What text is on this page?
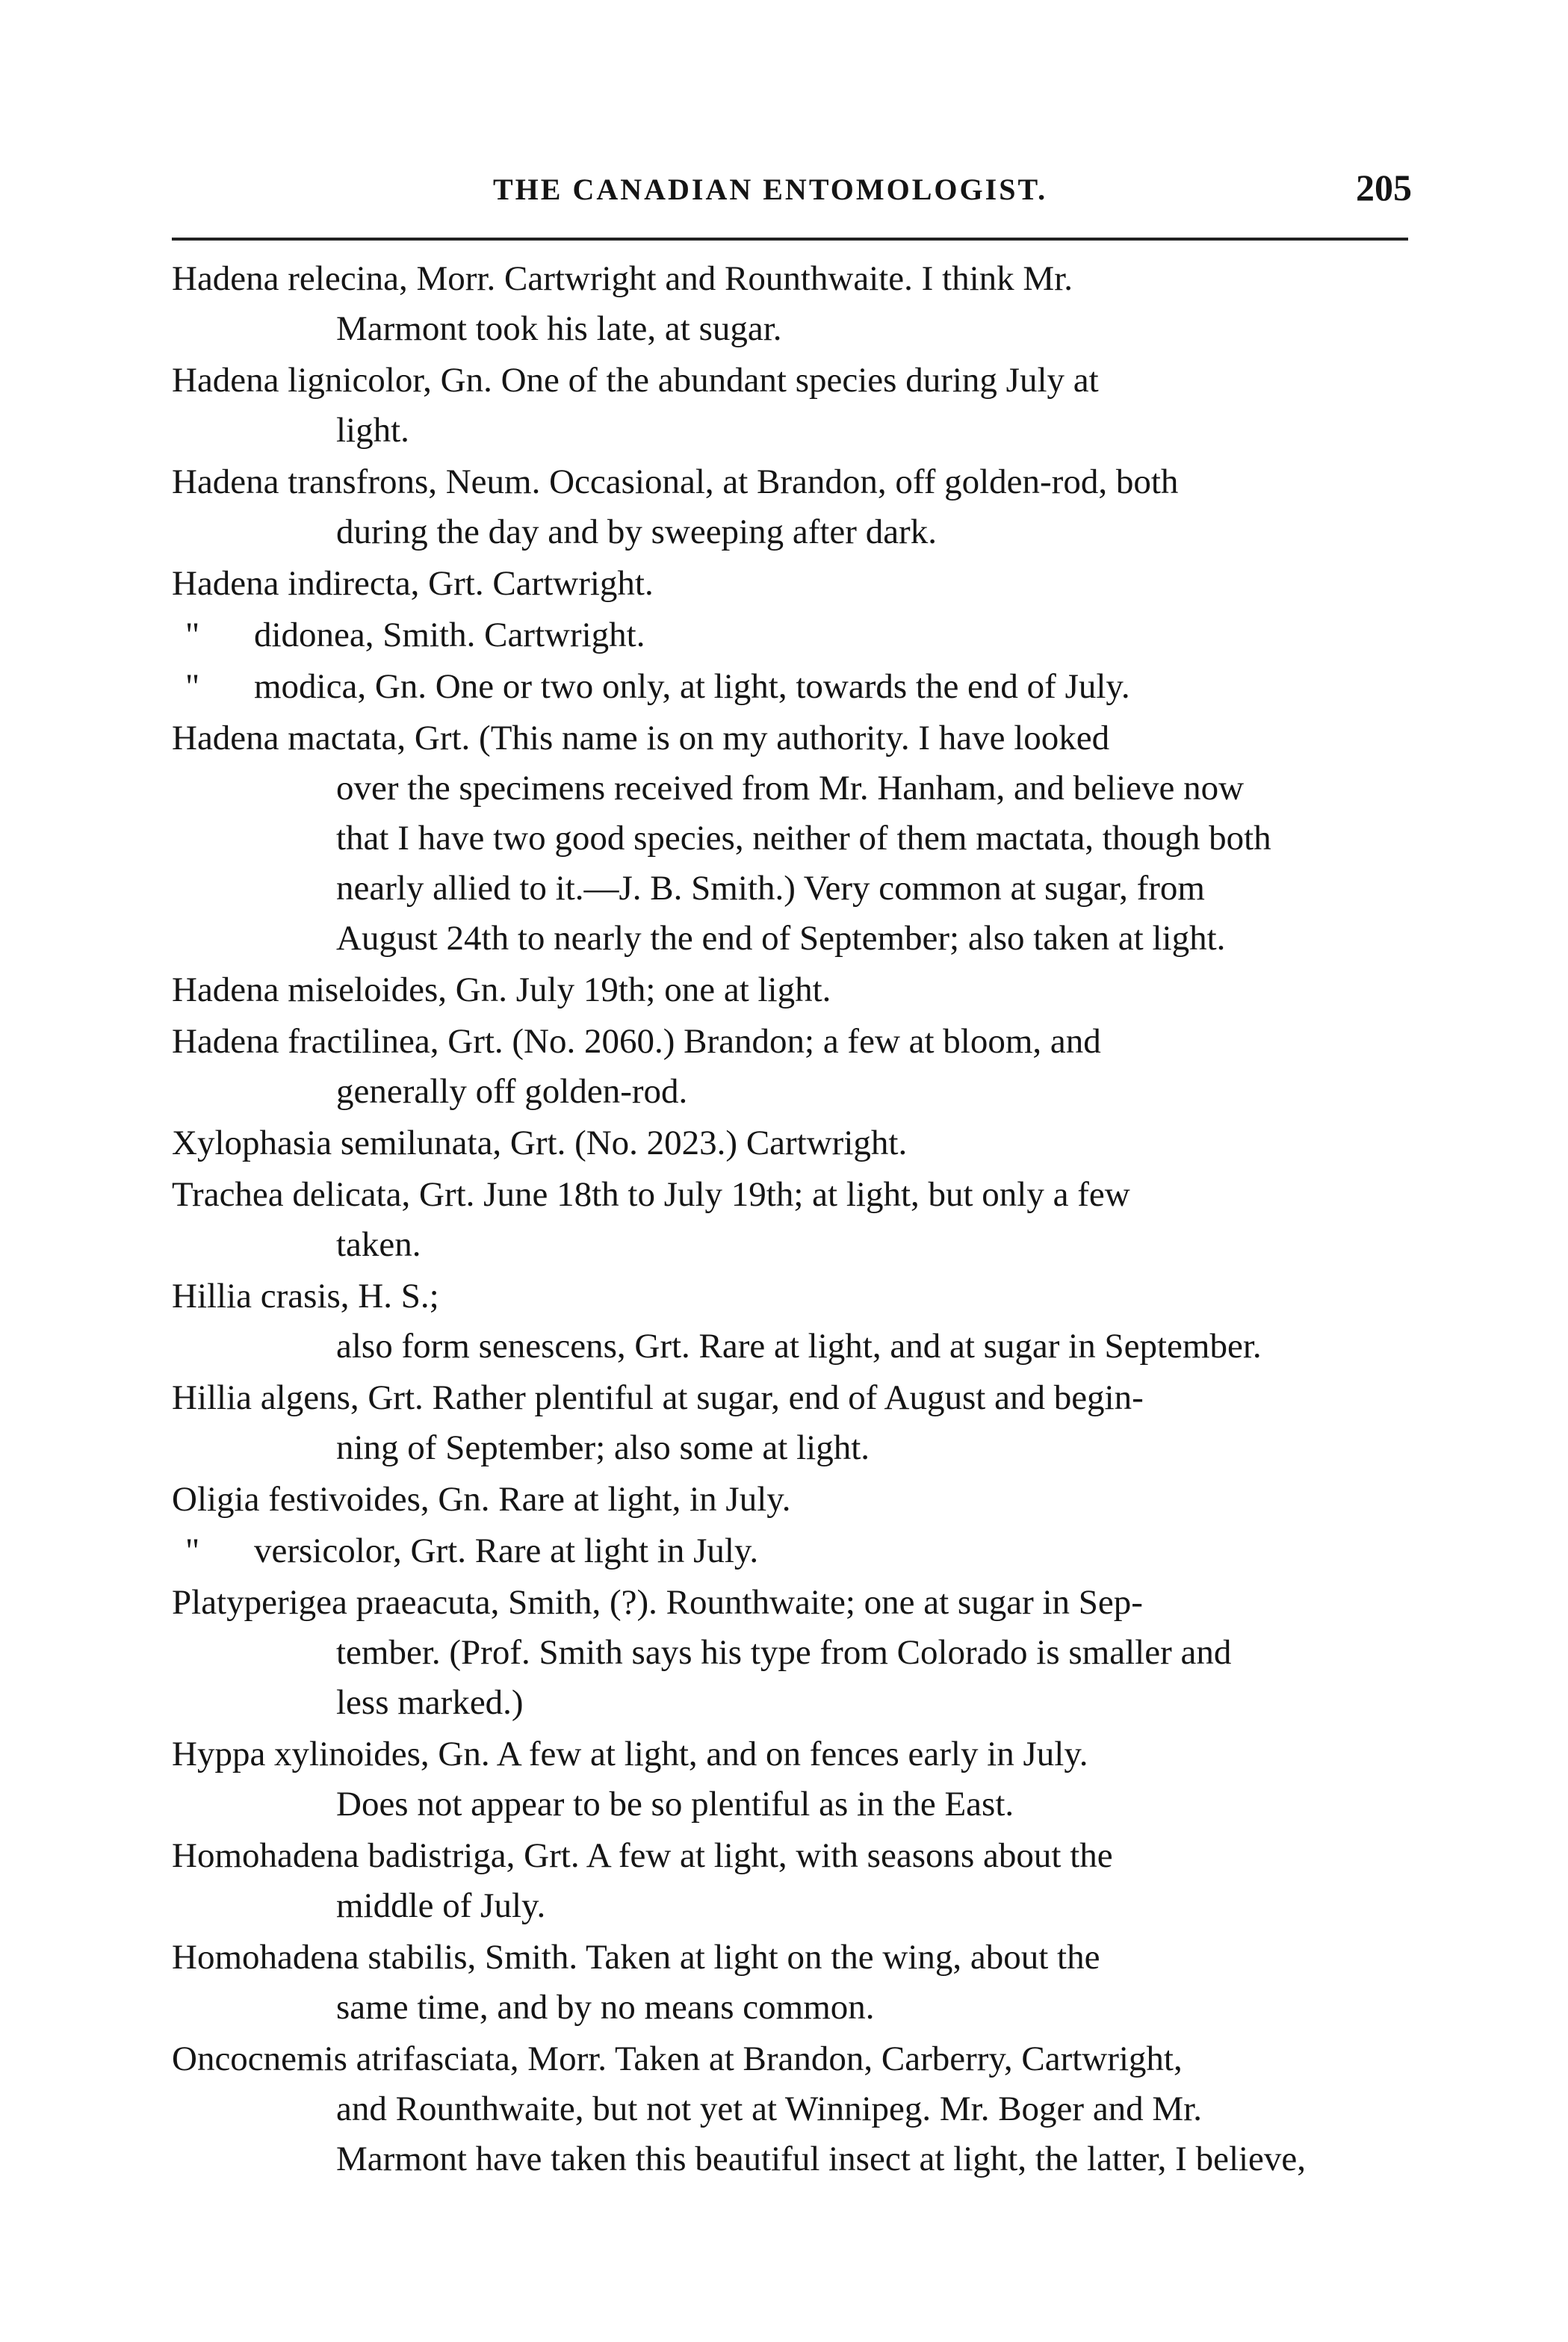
THE CANADIAN ENTOMOLOGIST.	205
Hadena relecina, Morr. Cartwright and Rounthwaite. I think Mr.
Marmont took his late, at sugar.
Hadena lignicolor, Gn. One of the abundant species during July at
light.
Hadena transfrons, Neum. Occasional, at Brandon, off golden-rod, both
during the day and by sweeping after dark.
Hadena indirecta, Grt. Cartwright.
" didonea, Smith. Cartwright.
" modica, Gn. One or two only, at light, towards the end of July.
Hadena mactata, Grt. (This name is on my authority. I have looked
over the specimens received from Mr. Hanham, and believe now
that I have two good species, neither of them mactata, though both
nearly allied to it.—J. B. Smith.) Very common at sugar, from
August 24th to nearly the end of September; also taken at light.
Hadena miseloides, Gn. July 19th; one at light.
Hadena fractilinea, Grt. (No. 2060.) Brandon; a few at bloom, and
generally off golden-rod.
Xylophasia semilunata, Grt. (No. 2023.) Cartwright.
Trachea delicata, Grt. June 18th to July 19th; at light, but only a few
taken.
Hillia crasis, H. S.;
also form senescens, Grt. Rare at light, and at sugar in September.
Hillia algens, Grt. Rather plentiful at sugar, end of August and begin-
ning of September; also some at light.
Oligia festivoides, Gn. Rare at light, in July.
" versicolor, Grt. Rare at light in July.
Platyperigea praeacuta, Smith, (?). Rounthwaite; one at sugar in Sep-
tember. (Prof. Smith says his type from Colorado is smaller and
less marked.)
Hyppa xylinoides, Gn. A few at light, and on fences early in July.
Does not appear to be so plentiful as in the East.
Homohadena badistriga, Grt. A few at light, with seasons about the
middle of July.
Homohadena stabilis, Smith. Taken at light on the wing, about the
same time, and by no means common.
Oncocnemis atrifasciata, Morr. Taken at Brandon, Carberry, Cartwright,
and Rounthwaite, but not yet at Winnipeg. Mr. Boger and Mr.
Marmont have taken this beautiful insect at light, the latter, I believe,
